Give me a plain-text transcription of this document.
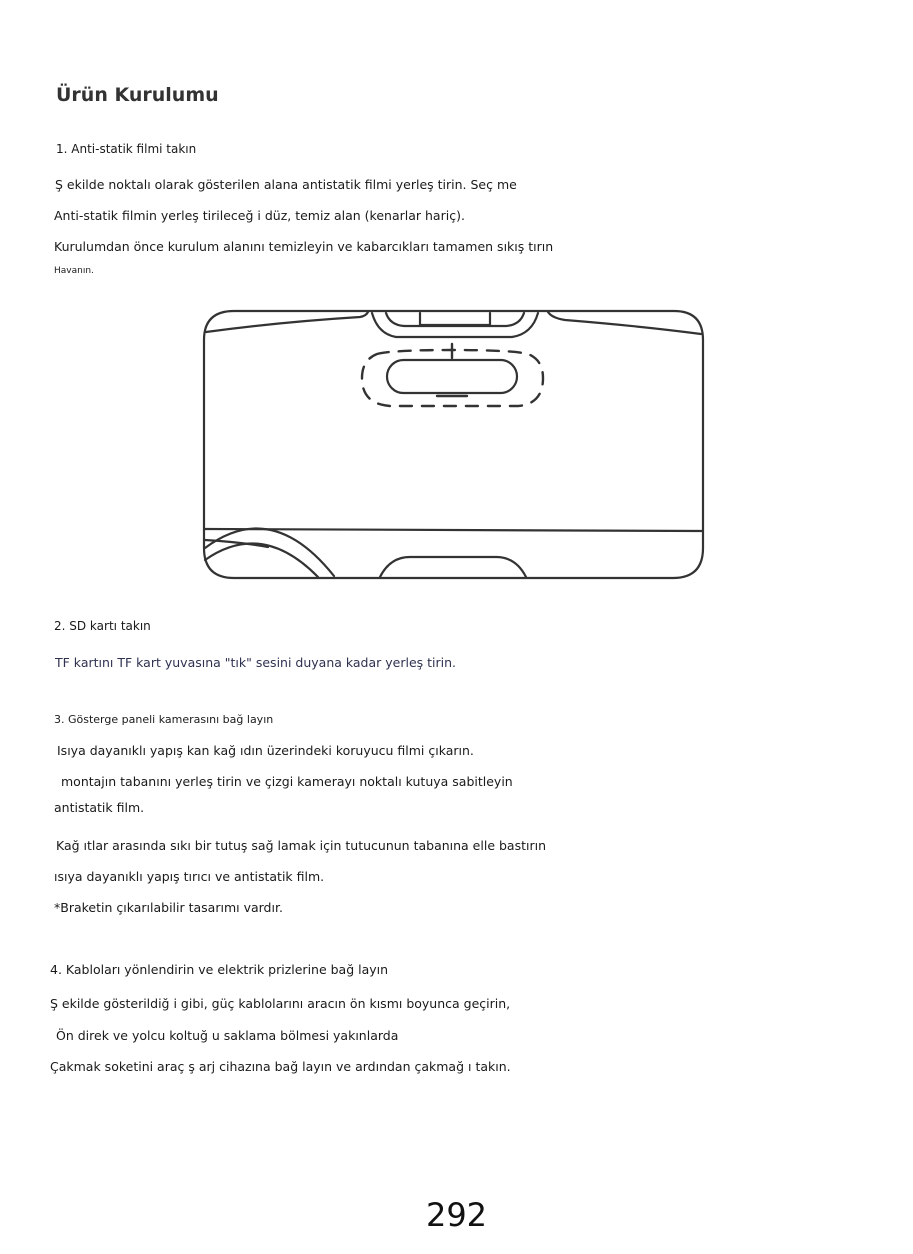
Ürün Kurulumu

1. Anti-statik filmi takın

Ş ekilde noktalı olarak gösterilen alana antistatik filmi yerleş tirin. Seç me

Anti-statik filmin yerleş tirileceğ i düz, temiz alan (kenarlar hariç).

Kurulumdan önce kurulum alanını temizleyin ve kabarcıkları tamamen sıkış tırın

Havanın.

2. SD kartı takın

TF kartını TF kart yuvasına "tık" sesini duyana kadar yerleş tirin.

3. Gösterge paneli kamerasını bağ layın

Isıya dayanıklı yapış kan kağ ıdın üzerindeki koruyucu filmi çıkarın.

montajın tabanını yerleş tirin ve çizgi kamerayı noktalı kutuya sabitleyin

antistatik film.

Kağ ıtlar arasında sıkı bir tutuş sağ lamak için tutucunun tabanına elle bastırın

ısıya dayanıklı yapış tırıcı ve antistatik film.

*Braketin çıkarılabilir tasarımı vardır.

4. Kabloları yönlendirin ve elektrik prizlerine bağ layın

Ş ekilde gösterildiğ i gibi, güç kablolarını aracın ön kısmı boyunca geçirin,

Ön direk ve yolcu koltuğ u saklama bölmesi yakınlarda

Çakmak soketini araç ş arj cihazına bağ layın ve ardından çakmağ ı takın.

292
